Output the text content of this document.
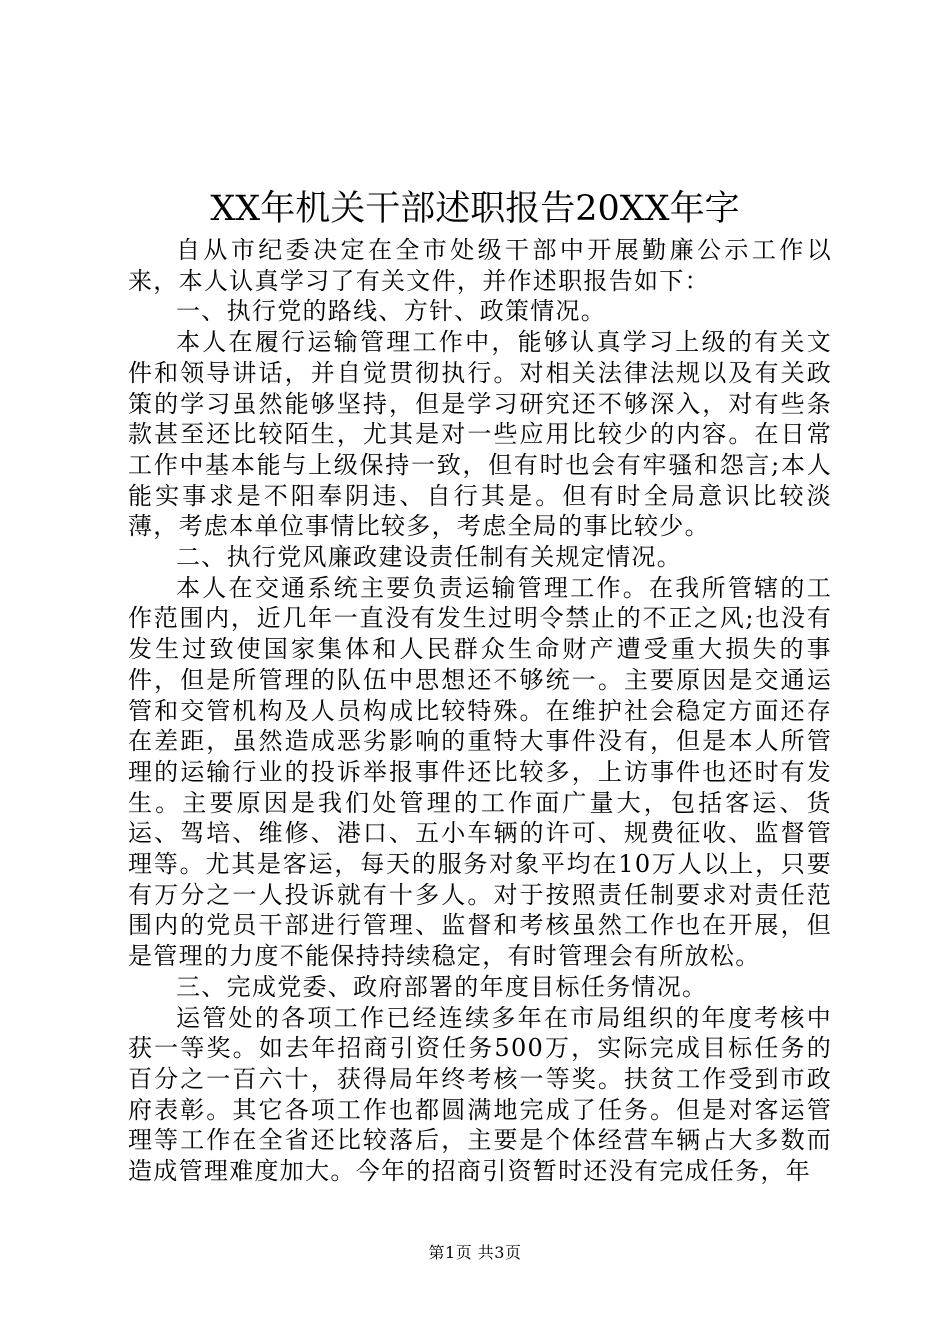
XX年机关干部述职报告20XX年字

自从市纪委决定在全市处级干部中开展勤廉公示工作以来，本人认真学习了有关文件，并作述职报告如下：

一、执行党的路线、方针、政策情况。

本人在履行运输管理工作中，能够认真学习上级的有关文件和领导讲话，并自觉贯彻执行。对相关法律法规以及有关政策的学习虽然能够坚持，但是学习研究还不够深入，对有些条款甚至还比较陌生，尤其是对一些应用比较少的内容。在日常工作中基本能与上级保持一致，但有时也会有牢骚和怨言;本人能实事求是不阳奉阴违、自行其是。但有时全局意识比较淡薄，考虑本单位事情比较多，考虑全局的事比较少。

二、执行党风廉政建设责任制有关规定情况。

本人在交通系统主要负责运输管理工作。在我所管辖的工作范围内，近几年一直没有发生过明令禁止的不正之风;也没有发生过致使国家集体和人民群众生命财产遭受重大损失的事件，但是所管理的队伍中思想还不够统一。主要原因是交通运管和交管机构及人员构成比较特殊。在维护社会稳定方面还存在差距，虽然造成恶劣影响的重特大事件没有，但是本人所管理的运输行业的投诉举报事件还比较多，上访事件也还时有发生。主要原因是我们处管理的工作面广量大，包括客运、货运、驾培、维修、港口、五小车辆的许可、规费征收、监督管理等。尤其是客运，每天的服务对象平均在10万人以上，只要有万分之一人投诉就有十多人。对于按照责任制要求对责任范围内的党员干部进行管理、监督和考核虽然工作也在开展，但是管理的力度不能保持持续稳定，有时管理会有所放松。

三、完成党委、政府部署的年度目标任务情况。

运管处的各项工作已经连续多年在市局组织的年度考核中获一等奖。如去年招商引资任务500万，实际完成目标任务的百分之一百六十，获得局年终考核一等奖。扶贫工作受到市政府表彰。其它各项工作也都圆满地完成了任务。但是对客运管理等工作在全省还比较落后，主要是个体经营车辆占大多数而造成管理难度加大。今年的招商引资暂时还没有完成任务，年

第1页 共3页
